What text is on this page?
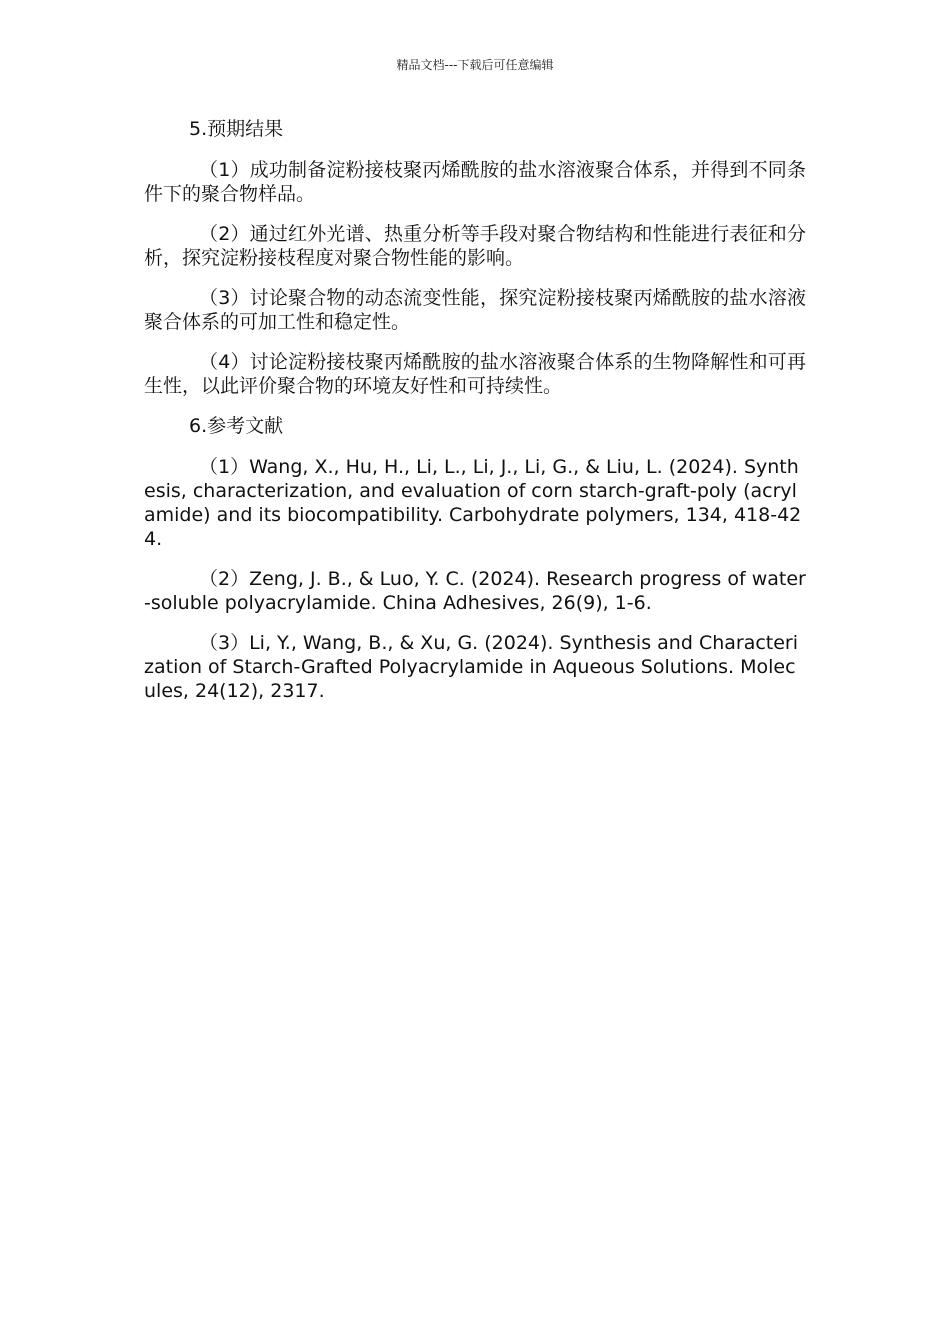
精品文档---下载后可任意编辑
5.预期结果

（1）成功制备淀粉接枝聚丙烯酰胺的盐水溶液聚合体系，并得到不同条件下的聚合物样品。

（2）通过红外光谱、热重分析等手段对聚合物结构和性能进行表征和分析，探究淀粉接枝程度对聚合物性能的影响。

（3）讨论聚合物的动态流变性能，探究淀粉接枝聚丙烯酰胺的盐水溶液聚合体系的可加工性和稳定性。

（4）讨论淀粉接枝聚丙烯酰胺的盐水溶液聚合体系的生物降解性和可再生性，以此评价聚合物的环境友好性和可持续性。

6.参考文献

（1）Wang, X., Hu, H., Li, L., Li, J., Li, G., & Liu, L. (2024). Synthesis, characterization, and evaluation of corn starch-graft-poly (acrylamide) and its biocompatibility. Carbohydrate polymers, 134, 418-424.

（2）Zeng, J. B., & Luo, Y. C. (2024). Research progress of water-soluble polyacrylamide. China Adhesives, 26(9), 1-6.

（3）Li, Y., Wang, B., & Xu, G. (2024). Synthesis and Characterization of Starch-Grafted Polyacrylamide in Aqueous Solutions. Molecules, 24(12), 2317.
